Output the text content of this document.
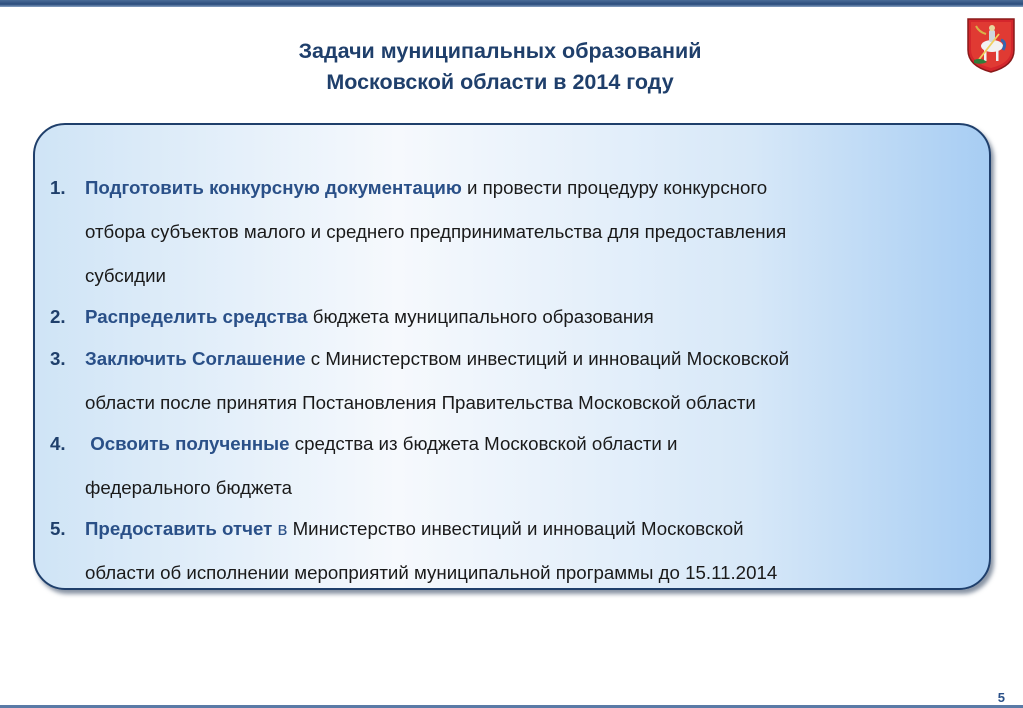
Задачи муниципальных образований
Московской области в 2014 году
1.	Подготовить конкурсную документацию и провести процедуру конкурсного
отбора субъектов малого и среднего предпринимательства для предоставления
субсидии
2.	Распределить средства бюджета муниципального образования
3.	Заключить Соглашение с Министерством инвестиций и инноваций Московской
области после принятия Постановления Правительства Московской области
4.	Освоить полученные средства из бюджета Московской области и
федерального бюджета
5.	Предоставить отчет в Министерство инвестиций и инноваций Московской
области об исполнении мероприятий муниципальной программы до 15.11.2014
5
